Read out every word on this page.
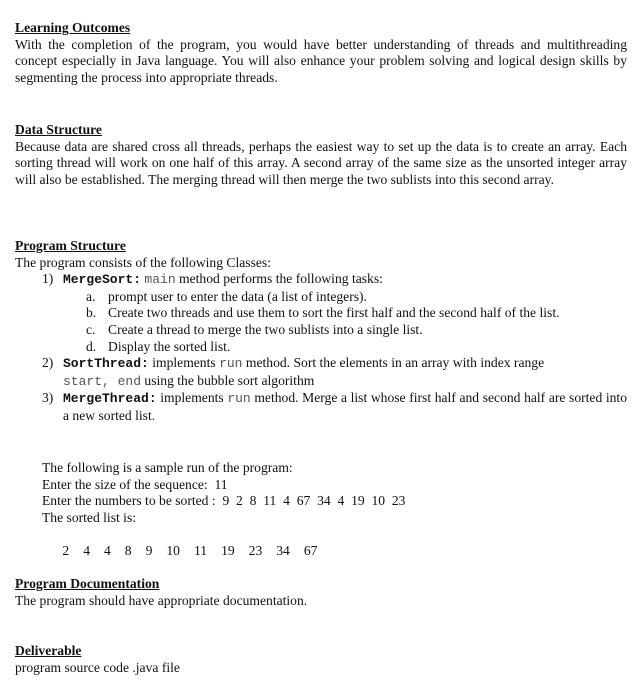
Learning Outcomes
With the completion of the program, you would have better understanding of threads and multithreading concept especially in Java language. You will also enhance your problem solving and logical design skills by segmenting the process into appropriate threads.
Data Structure
Because data are shared cross all threads, perhaps the easiest way to set up the data is to create an array. Each sorting thread will work on one half of this array. A second array of the same size as the unsorted integer array will also be established. The merging thread will then merge the two sublists into this second array.
Program Structure
The program consists of the following Classes:
1) MergeSort: main method performs the following tasks:
a. prompt user to enter the data (a list of integers).
b. Create two threads and use them to sort the first half and the second half of the list.
c. Create a thread to merge the two sublists into a single list.
d. Display the sorted list.
2) SortThread: implements run method. Sort the elements in an array with index range
start, end using the bubble sort algorithm
3) MergeThread: implements run method. Merge a list whose first half and second half are sorted into a new sorted list.
The following is a sample run of the program:
Enter the size of the sequence:  11
Enter the numbers to be sorted :  9  2  8  11  4  67  34  4  19  10  23
The sorted list is:

2 4 4 8 9 10 11 19 23 34 67

Program Documentation
The program should have appropriate documentation.
Deliverable
program source code .java file
